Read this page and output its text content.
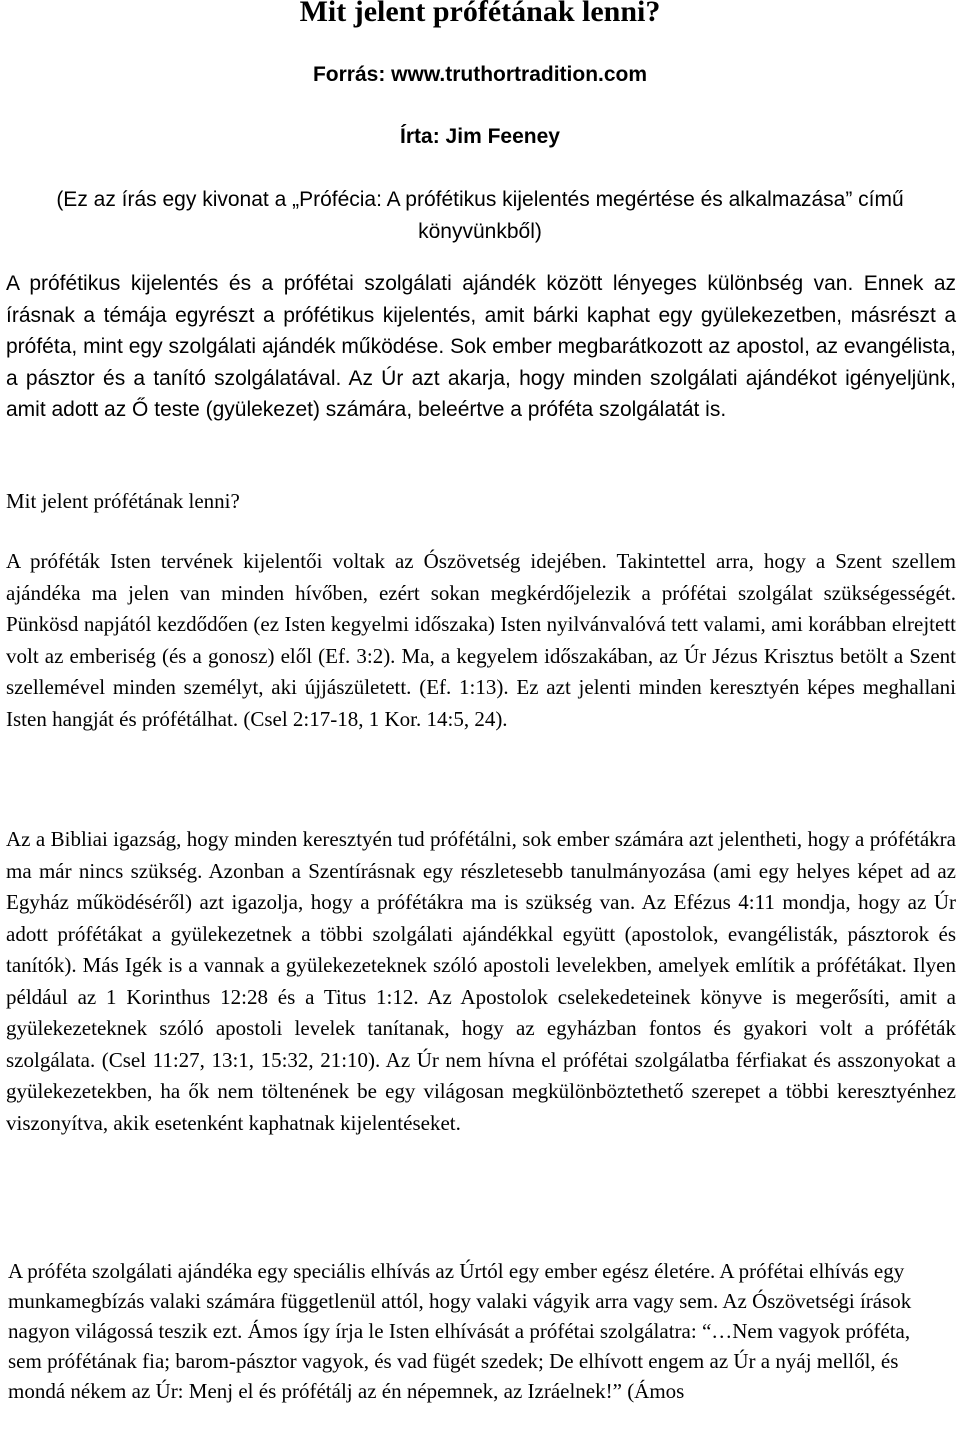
Mit jelent prófétának lenni?

Forrás: www.truthortradition.com

Írta: Jim Feeney

(Ez az írás egy kivonat a „Prófécia: A prófétikus kijelentés megértése és alkalmazása” című könyvünkből)

A prófétikus kijelentés és a prófétai szolgálati ajándék között lényeges különbség van. Ennek az írásnak a témája egyrészt a prófétikus kijelentés, amit bárki kaphat egy gyülekezetben, másrészt a próféta, mint egy szolgálati ajándék működése. Sok ember megbarátkozott az apostol, az evangélista, a pásztor és a tanító szolgálatával. Az Úr azt akarja, hogy minden szolgálati ajándékot igényeljünk, amit adott az Ő teste (gyülekezet) számára, beleértve a próféta szolgálatát is.

Mit jelent prófétának lenni?

A próféták Isten tervének kijelentői voltak az Ószövetség idejében. Takintettel arra, hogy a Szent szellem ajándéka ma jelen van minden hívőben, ezért sokan megkérdőjelezik a prófétai szolgálat szükségességét. Pünkösd napjától kezdődően (ez Isten kegyelmi időszaka) Isten nyilvánvalóvá tett valami, ami korábban elrejtett volt az emberiség (és a gonosz) elől (Ef. 3:2). Ma, a kegyelem időszakában, az Úr Jézus Krisztus betölt a Szent szellemével minden személyt, aki újjászületett. (Ef. 1:13). Ez azt jelenti minden keresztyén képes meghallani Isten hangját és prófétálhat. (Csel 2:17-18, 1 Kor. 14:5, 24).

Az a Bibliai igazság, hogy minden keresztyén tud prófétálni, sok ember számára azt jelentheti, hogy a prófétákra ma már nincs szükség. Azonban a Szentírásnak egy részletesebb tanulmányozása (ami egy helyes képet ad az Egyház működéséről) azt igazolja, hogy a prófétákra ma is szükség van. Az Efézus 4:11 mondja, hogy az Úr adott prófétákat a gyülekezetnek a többi szolgálati ajándékkal együtt (apostolok, evangélisták, pásztorok és tanítók). Más Igék is a vannak a gyülekezeteknek szóló apostoli levelekben, amelyek említik a prófétákat. Ilyen például az 1 Korinthus 12:28 és a Titus 1:12. Az Apostolok cselekedeteinek könyve is megerősíti, amit a gyülekezeteknek szóló apostoli levelek tanítanak, hogy az egyházban fontos és gyakori volt a próféták szolgálata. (Csel 11:27, 13:1, 15:32, 21:10). Az Úr nem hívna el prófétai szolgálatba férfiakat és asszonyokat a gyülekezetekben, ha ők nem töltenének be egy világosan megkülönböztethető szerepet a többi keresztyénhez viszonyítva, akik esetenként kaphatnak kijelentéseket.

A próféta szolgálati ajándéka egy speciális elhívás az Úrtól egy ember egész életére. A prófétai elhívás egy munkamegbízás valaki számára függetlenül attól, hogy valaki vágyik arra vagy sem. Az Ószövetségi írások nagyon világossá teszik ezt. Ámos így írja le Isten elhívását a prófétai szolgálatra: “…Nem vagyok próféta, sem prófétának fia; barom-pásztor vagyok, és vad fügét szedek; De elhívott engem az Úr a nyáj mellől, és mondá nékem az Úr: Menj el és prófétálj az én népemnek, az Izráelnek!” (Ámos
